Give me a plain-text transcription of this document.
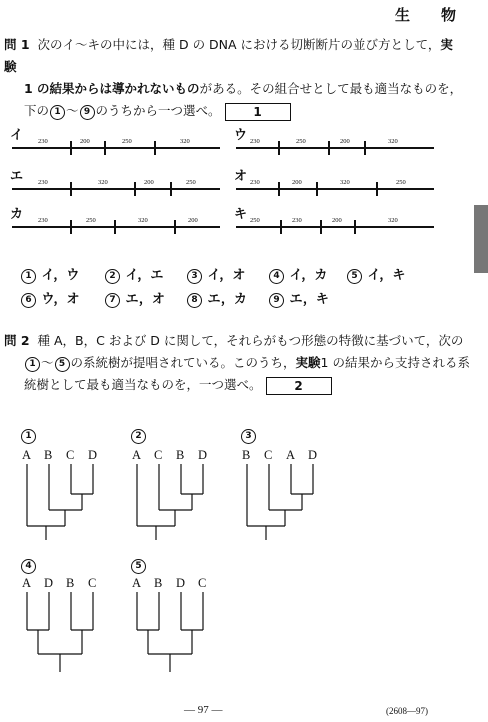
生　物
問 1 次のイ～キの中には，種 D の DNA における切断断片の並び方として，実験
1 の結果からは導かれないものがある。その組合せとして最も適当なものを，
下の 1 ～ 9 のうちから一つ選べ。	1
イ 230	200	250	320	ウ 230	250	200	320
エ 230	320	200	250	オ 230	200	320	250
カ 230	250	320	200	キ 250	230	200	320
1 イ，ウ	2 イ，エ	3 イ，オ	4 イ，カ	5 イ，キ
6 ウ，オ	7 エ，オ	8 エ，カ	9 エ，キ
問 2 種 A，B，C および D に関して，それらがもつ形態の特徴に基づいて，次の
1 ～ 5 の系統樹が提唱されている。このうち，実験1 の結果から支持される系
統樹として最も適当なものを，一つ選べ。	2
1
A B C D
2
A C B D
3
B C A D
4
A D B C
5
A B D C
— 97 —	(2608—97)
